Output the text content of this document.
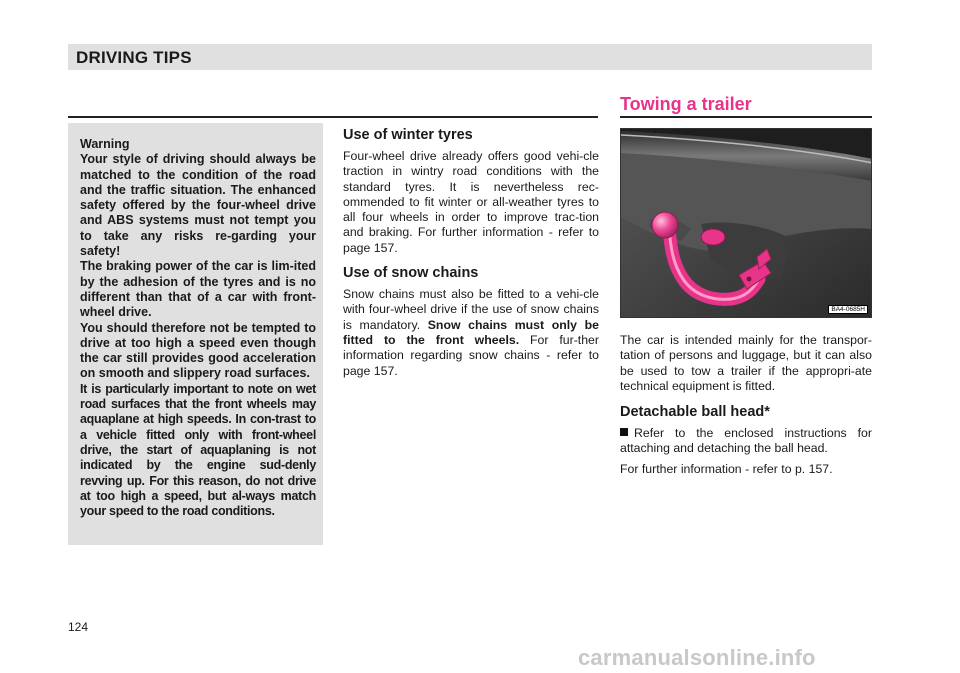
DRIVING TIPS
Towing a trailer

Warning

Your style of driving should always be matched to the condition of the road and the traffic situation. The enhanced safety offered by the four-wheel drive and ABS systems must not tempt you to take any risks re-garding your safety!

The braking power of the car is lim-ited by the adhesion of the tyres and is no different than that of a car with front-wheel drive.

You should therefore not be tempted to drive at too high a speed even though the car still provides good acceleration on smooth and slippery road surfaces.

It is particularly important to note on wet road surfaces that the front wheels may aquaplane at high speeds. In con-trast to a vehicle fitted only with front-wheel drive, the start of aquaplaning is not indicated by the engine sud-denly revving up. For this reason, do not drive at too high a speed, but al-ways match your speed to the road conditions.

Use of winter tyres

Four-wheel drive already offers good vehi-cle traction in wintry road conditions with the standard tyres. It is nevertheless rec-ommended to fit winter or all-weather tyres to all four wheels in order to improve trac-tion and braking. For further information - refer to page 157.

Use of snow chains

Snow chains must also be fitted to a vehi-cle with four-wheel drive if the use of snow chains is mandatory. Snow chains must only be fitted to the front wheels. For fur-ther information regarding snow chains - refer to page 157.

BA4-0685H

The car is intended mainly for the transpor-tation of persons and luggage, but it can also be used to tow a trailer if the appropri-ate technical equipment is fitted.

Detachable ball head*

Refer to the enclosed instructions for attaching and detaching the ball head.

For further information - refer to p. 157.

124
carmanualsonline.info
